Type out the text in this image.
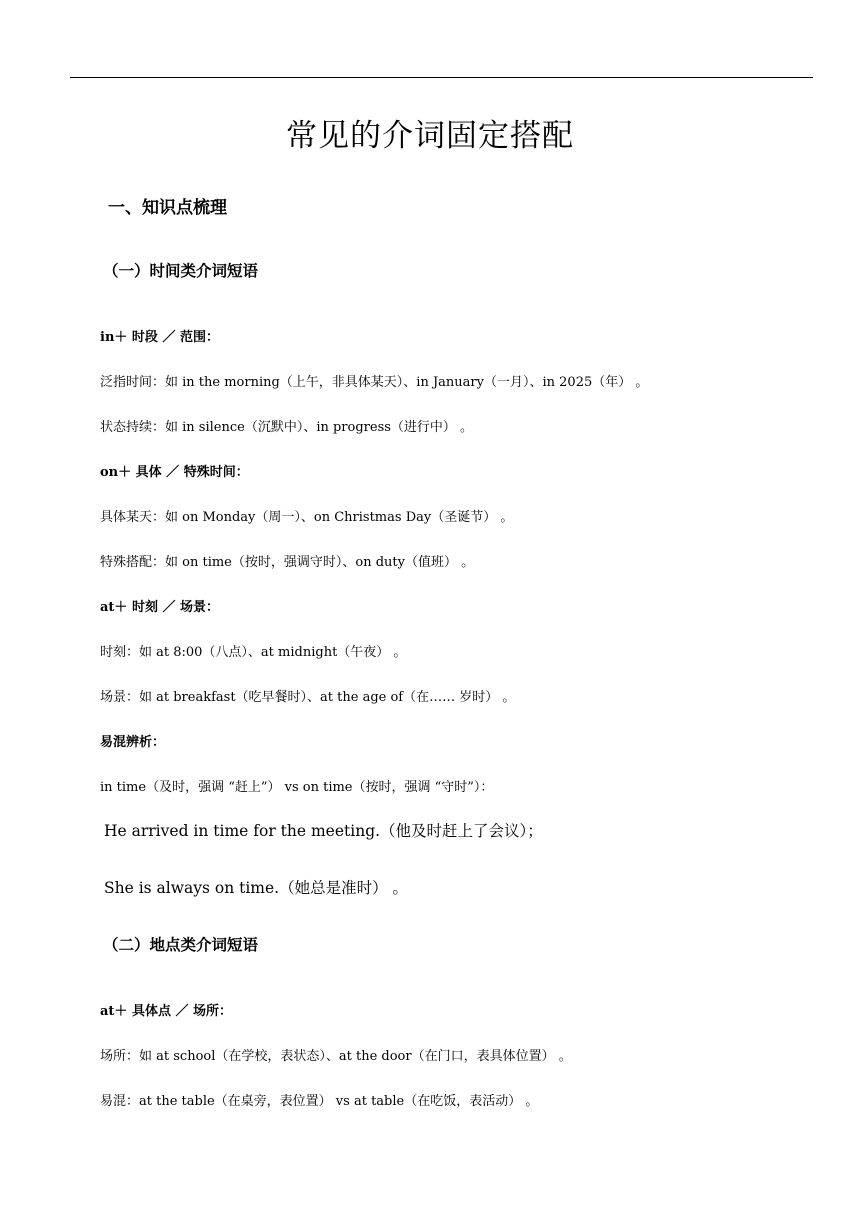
常见的介词固定搭配
一、知识点梳理
（一）时间类介词短语
in＋ 时段 ／ 范围：
泛指时间：如 in the morning（上午，非具体某天）、in January（一月）、in 2025（年） 。
状态持续：如 in silence（沉默中）、in progress（进行中） 。
on＋ 具体 ／ 特殊时间：
具体某天：如 on Monday（周一）、on Christmas Day（圣诞节） 。
特殊搭配：如 on time（按时，强调守时）、on duty（值班） 。
at＋ 时刻 ／ 场景：
时刻：如 at 8:00（八点）、at midnight（午夜） 。
场景：如 at breakfast（吃早餐时）、at the age of（在…… 岁时） 。
易混辨析：
in time（及时，强调 “赶上”） vs on time（按时，强调 “守时”）：
He arrived in time for the meeting.（他及时赶上了会议）；
She is always on time.（她总是准时） 。
（二）地点类介词短语
at＋ 具体点 ／ 场所：
场所：如 at school（在学校，表状态）、at the door（在门口，表具体位置） 。
易混：at the table（在桌旁，表位置） vs at table（在吃饭，表活动） 。
